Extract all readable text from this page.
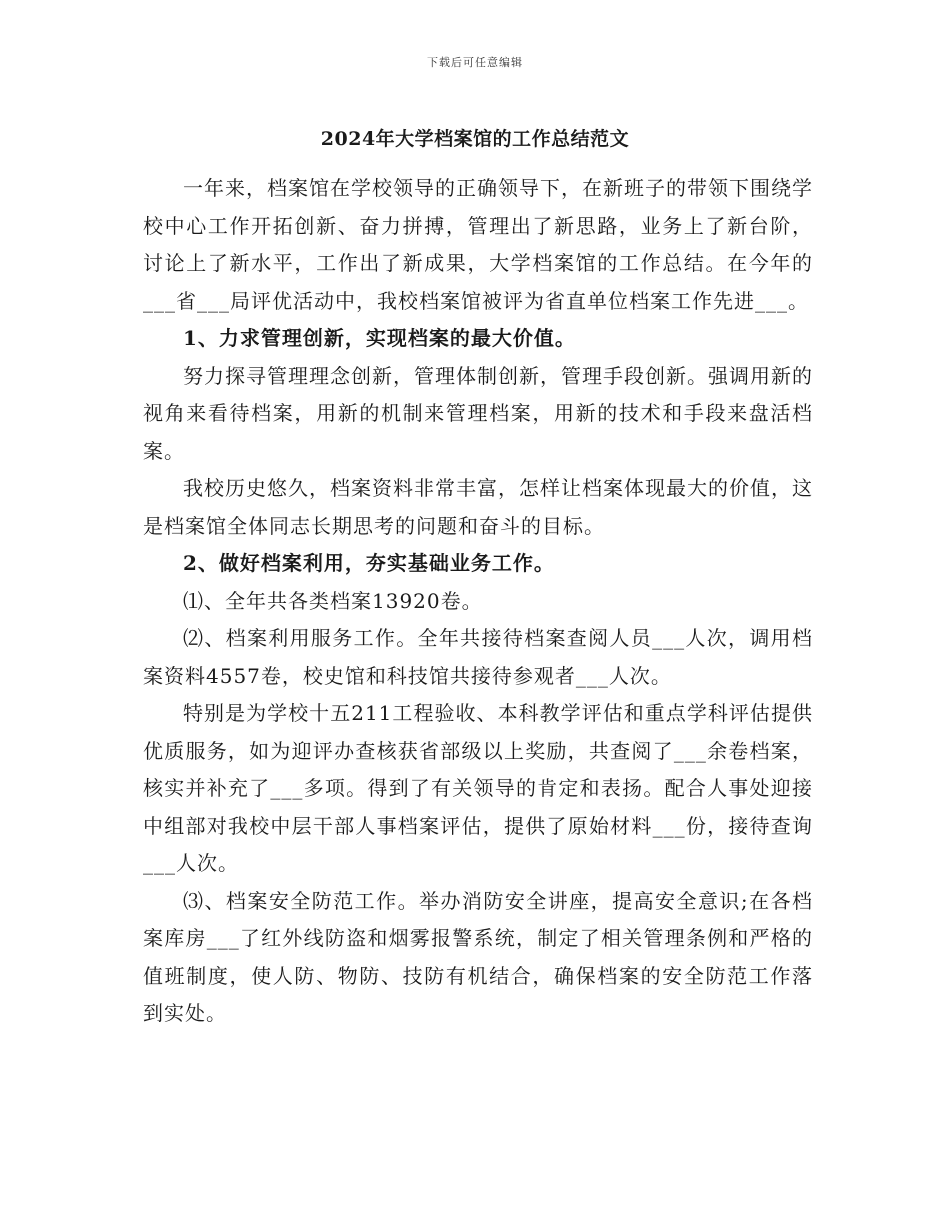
下载后可任意编辑
2024年大学档案馆的工作总结范文

一年来，档案馆在学校领导的正确领导下，在新班子的带领下围绕学校中心工作开拓创新、奋力拼搏，管理出了新思路，业务上了新台阶，讨论上了新水平，工作出了新成果，大学档案馆的工作总结。在今年的___省___局评优活动中，我校档案馆被评为省直单位档案工作先进___。

1、力求管理创新，实现档案的最大价值。

努力探寻管理理念创新，管理体制创新，管理手段创新。强调用新的视角来看待档案，用新的机制来管理档案，用新的技术和手段来盘活档案。

我校历史悠久，档案资料非常丰富，怎样让档案体现最大的价值，这是档案馆全体同志长期思考的问题和奋斗的目标。

2、做好档案利用，夯实基础业务工作。

⑴、全年共各类档案13920卷。

⑵、档案利用服务工作。全年共接待档案查阅人员___人次，调用档案资料4557卷，校史馆和科技馆共接待参观者___人次。

特别是为学校十五211工程验收、本科教学评估和重点学科评估提供优质服务，如为迎评办查核获省部级以上奖励，共查阅了___余卷档案，核实并补充了___多项。得到了有关领导的肯定和表扬。配合人事处迎接中组部对我校中层干部人事档案评估，提供了原始材料___份，接待查询___人次。

⑶、档案安全防范工作。举办消防安全讲座，提高安全意识;在各档案库房___了红外线防盗和烟雾报警系统，制定了相关管理条例和严格的值班制度，使人防、物防、技防有机结合，确保档案的安全防范工作落到实处。
